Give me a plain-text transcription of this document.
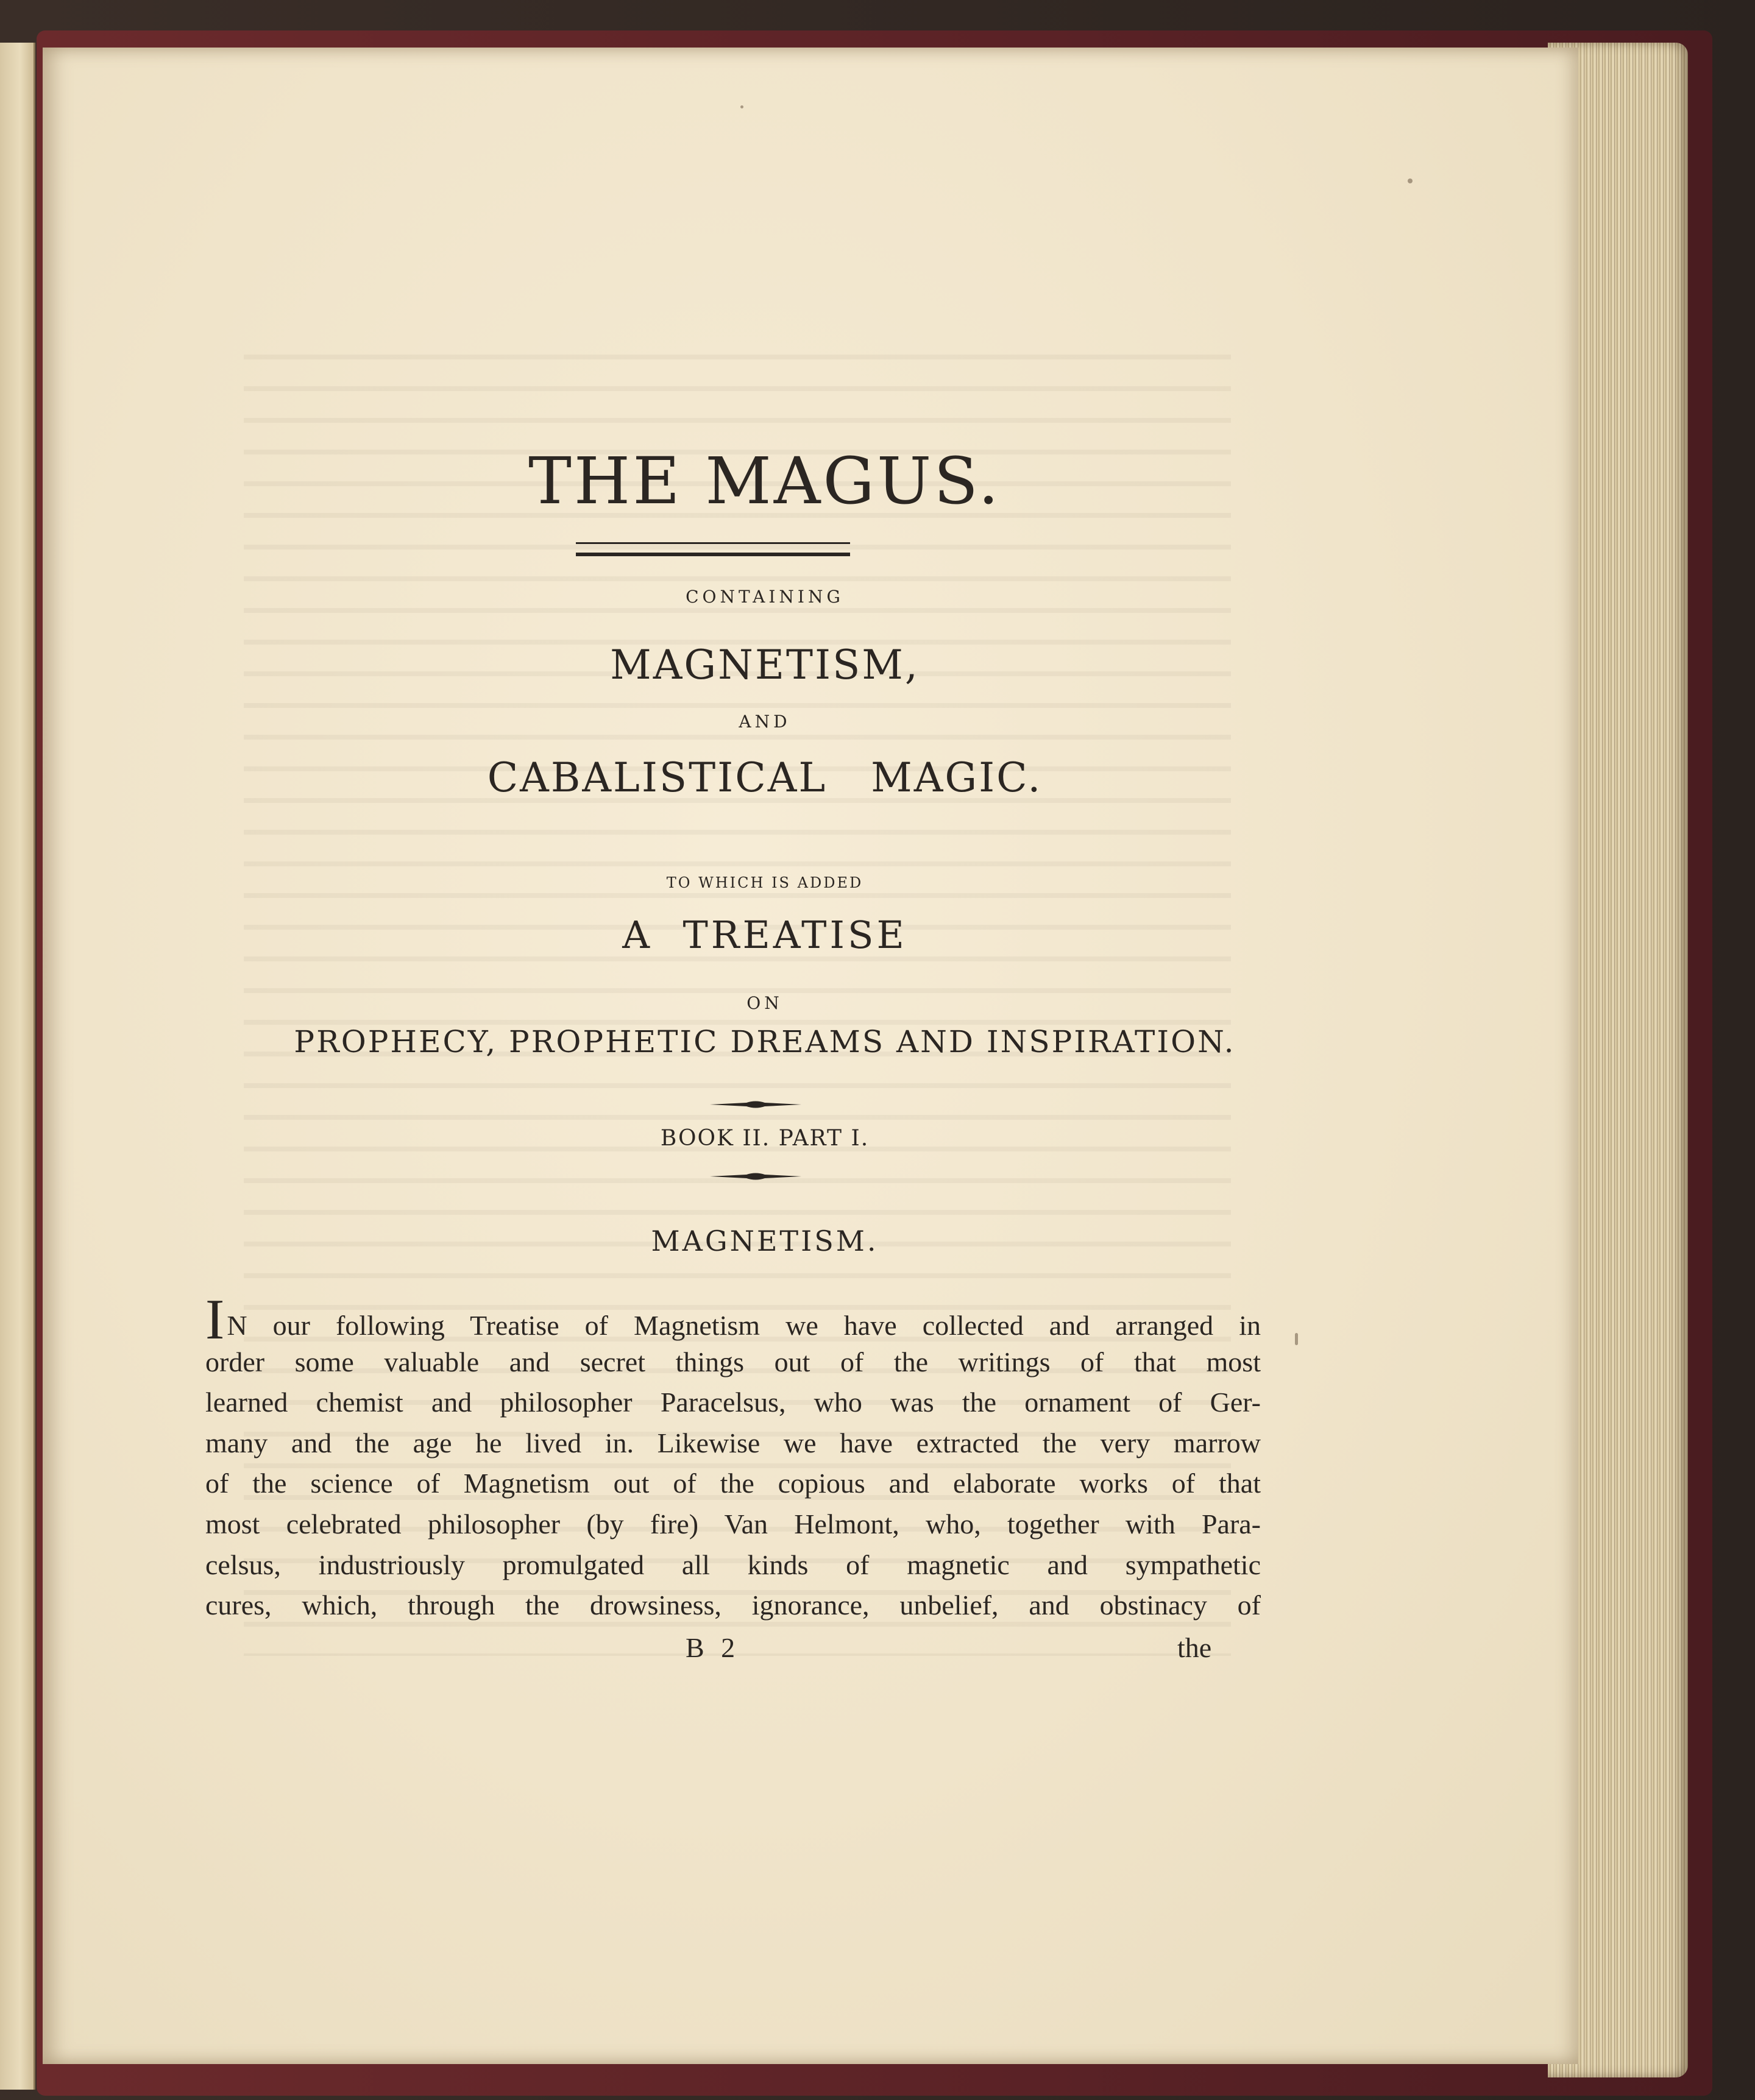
THE MAGUS.
CONTAINING
MAGNETISM,
AND
CABALISTICAL   MAGIC.
TO WHICH IS ADDED
A  TREATISE
ON
PROPHECY, PROPHETIC DREAMS AND INSPIRATION.
BOOK II. PART I.
MAGNETISM.
IN our following Treatise of Magnetism we have collected and arranged in
order some valuable and secret things out of the writings of that most
learned chemist and philosopher Paracelsus, who was the ornament of Ger-
many and the age he lived in. Likewise we have extracted the very marrow
of the science of Magnetism out of the copious and elaborate works of that
most celebrated philosopher (by fire) Van Helmont, who, together with Para-
celsus, industriously promulgated all kinds of magnetic and sympathetic
cures, which, through the drowsiness, ignorance, unbelief, and obstinacy of
B 2	the
